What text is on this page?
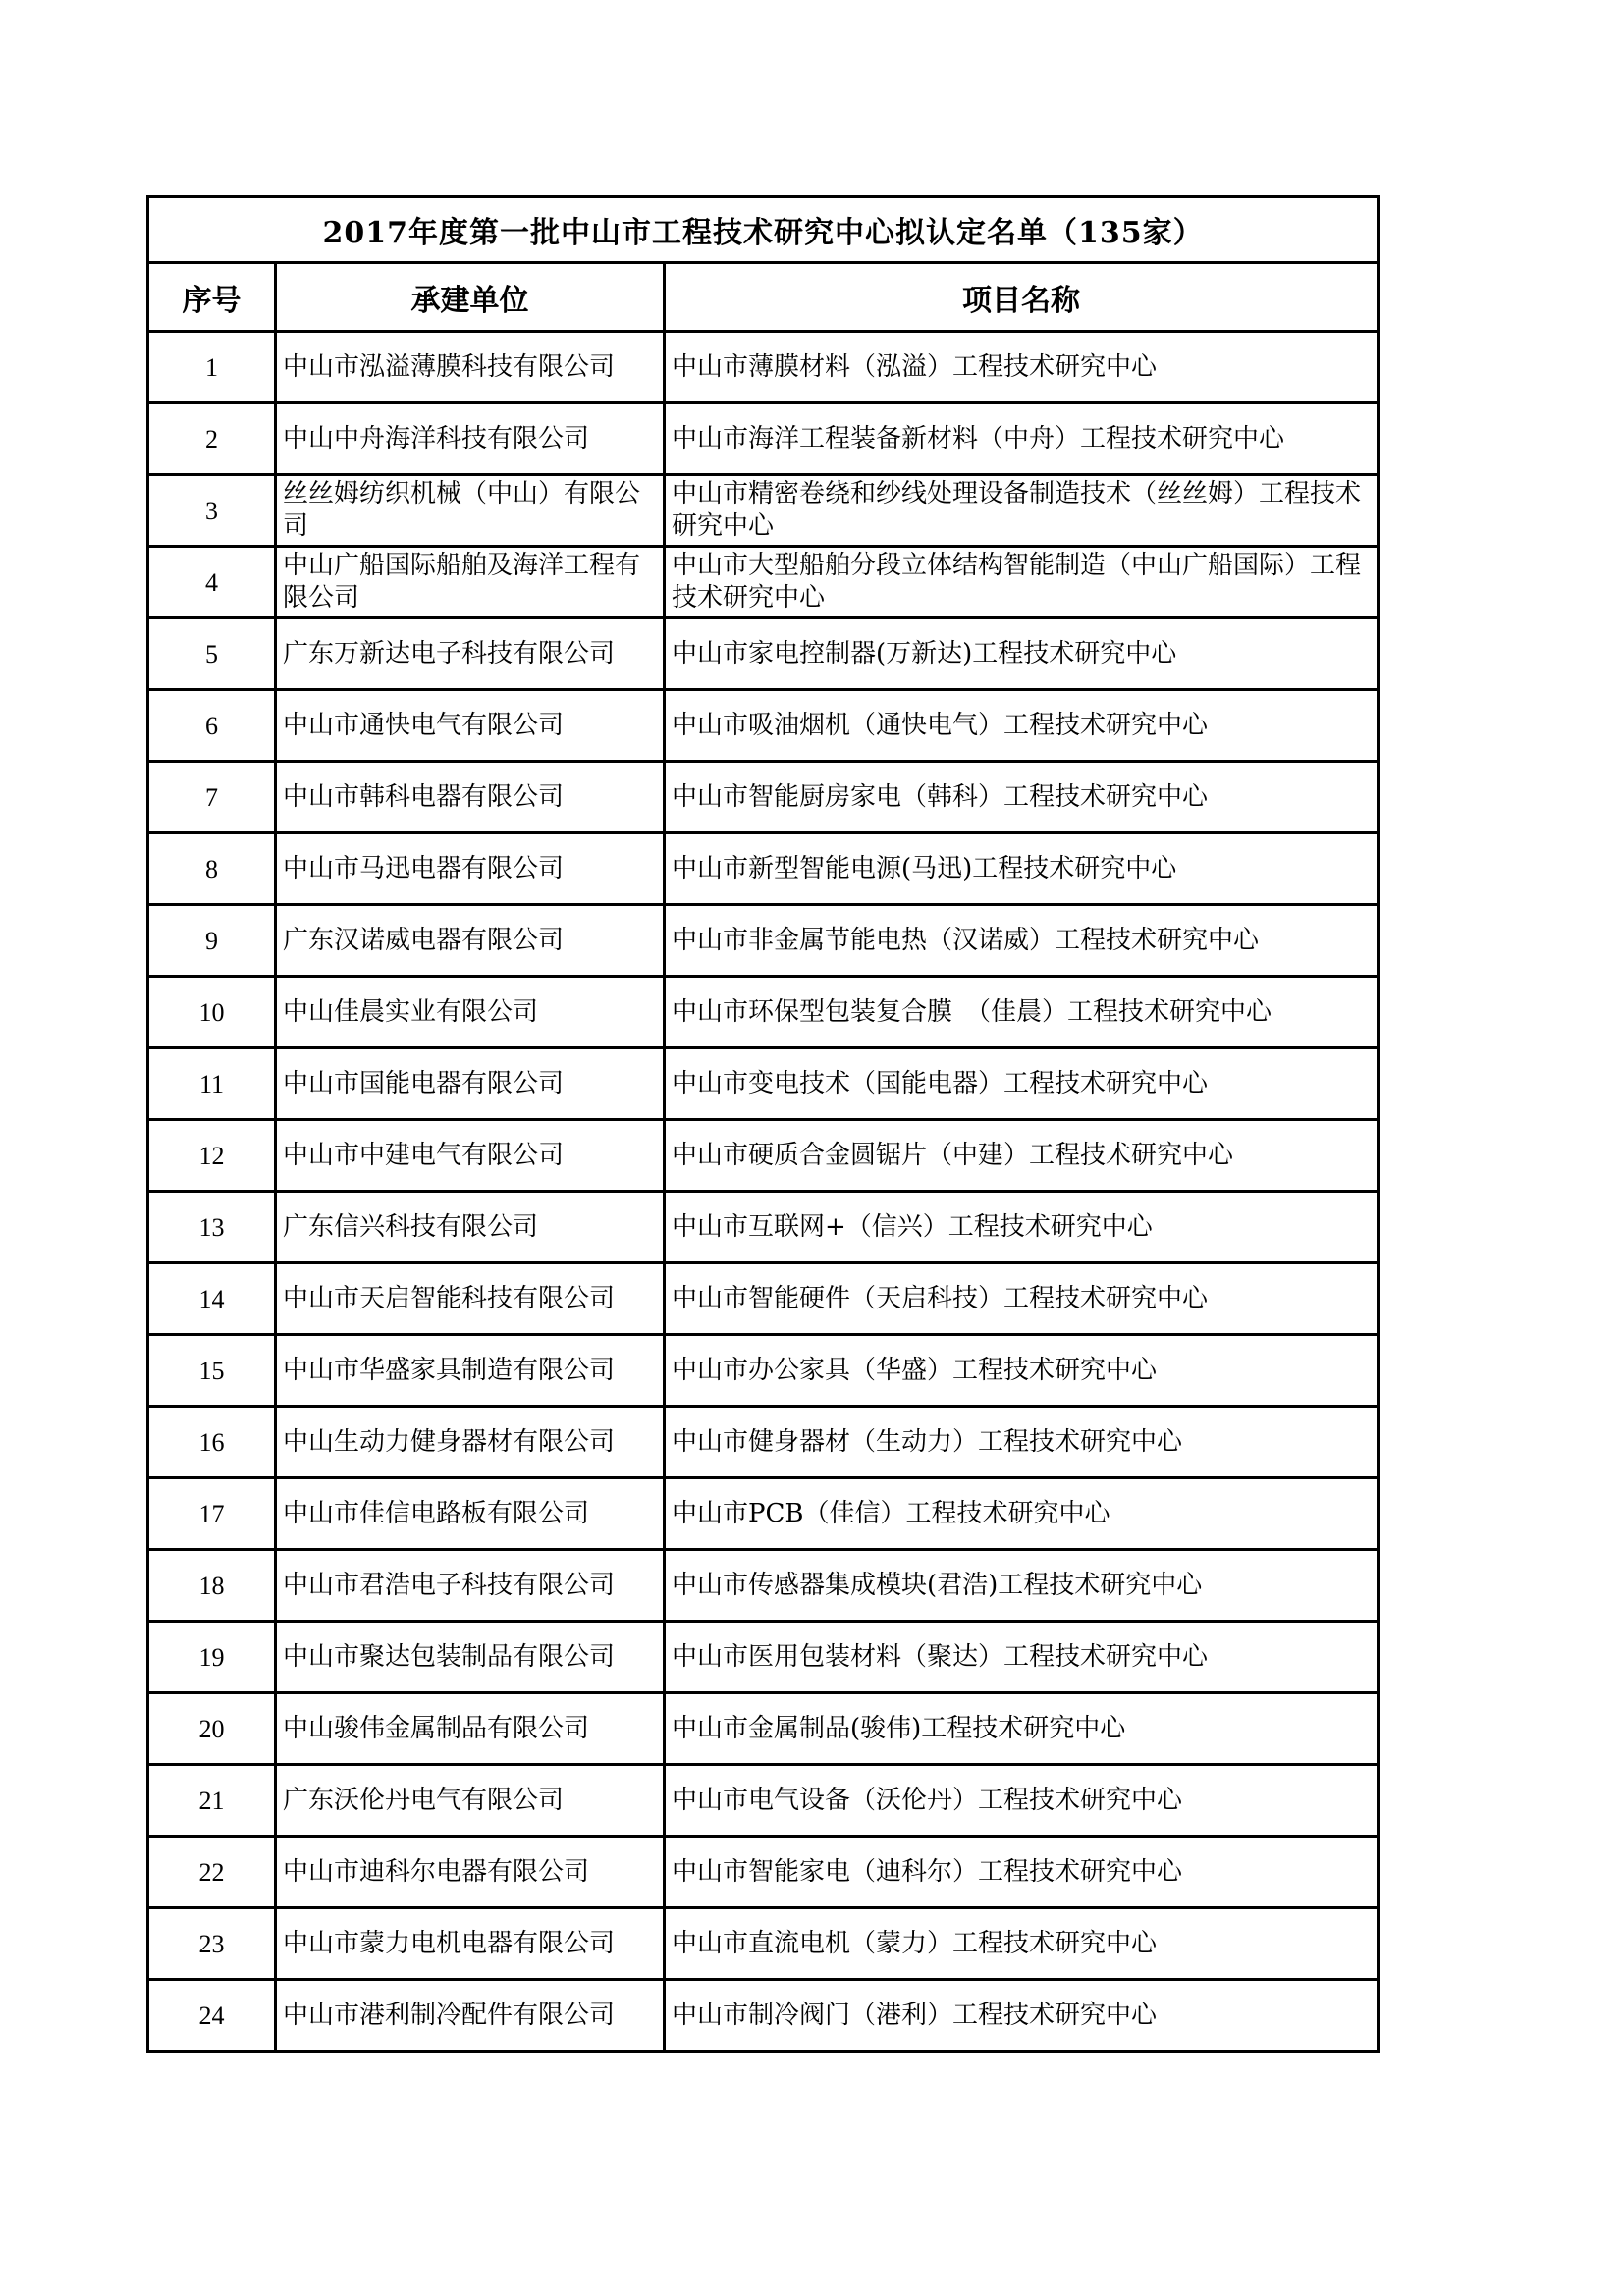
2017年度第一批中山市工程技术研究中心拟认定名单（135家）		
序号	承建单位	项目名称
1	中山市泓溢薄膜科技有限公司	中山市薄膜材料（泓溢）工程技术研究中心
2	中山中舟海洋科技有限公司	中山市海洋工程装备新材料（中舟）工程技术研究中心
3	丝丝姆纺织机械（中山）有限公司	中山市精密卷绕和纱线处理设备制造技术（丝丝姆）工程技术研究中心
4	中山广船国际船舶及海洋工程有限公司	中山市大型船舶分段立体结构智能制造（中山广船国际）工程技术研究中心
5	广东万新达电子科技有限公司	中山市家电控制器(万新达)工程技术研究中心
6	中山市通快电气有限公司	中山市吸油烟机（通快电气）工程技术研究中心
7	中山市韩科电器有限公司	中山市智能厨房家电（韩科）工程技术研究中心
8	中山市马迅电器有限公司	中山市新型智能电源(马迅)工程技术研究中心
9	广东汉诺威电器有限公司	中山市非金属节能电热（汉诺威）工程技术研究中心
10	中山佳晨实业有限公司	中山市环保型包装复合膜　（佳晨）工程技术研究中心
11	中山市国能电器有限公司	中山市变电技术（国能电器）工程技术研究中心
12	中山市中建电气有限公司	中山市硬质合金圆锯片（中建）工程技术研究中心
13	广东信兴科技有限公司	中山市互联网+（信兴）工程技术研究中心
14	中山市天启智能科技有限公司	中山市智能硬件（天启科技）工程技术研究中心
15	中山市华盛家具制造有限公司	中山市办公家具（华盛）工程技术研究中心
16	中山生动力健身器材有限公司	中山市健身器材（生动力）工程技术研究中心
17	中山市佳信电路板有限公司	中山市PCB（佳信）工程技术研究中心
18	中山市君浩电子科技有限公司	中山市传感器集成模块(君浩)工程技术研究中心
19	中山市聚达包装制品有限公司	中山市医用包装材料（聚达）工程技术研究中心
20	中山骏伟金属制品有限公司	中山市金属制品(骏伟)工程技术研究中心
21	广东沃伦丹电气有限公司	中山市电气设备（沃伦丹）工程技术研究中心
22	中山市迪科尔电器有限公司	中山市智能家电（迪科尔）工程技术研究中心
23	中山市蒙力电机电器有限公司	中山市直流电机（蒙力）工程技术研究中心
24	中山市港利制冷配件有限公司	中山市制冷阀门（港利）工程技术研究中心
